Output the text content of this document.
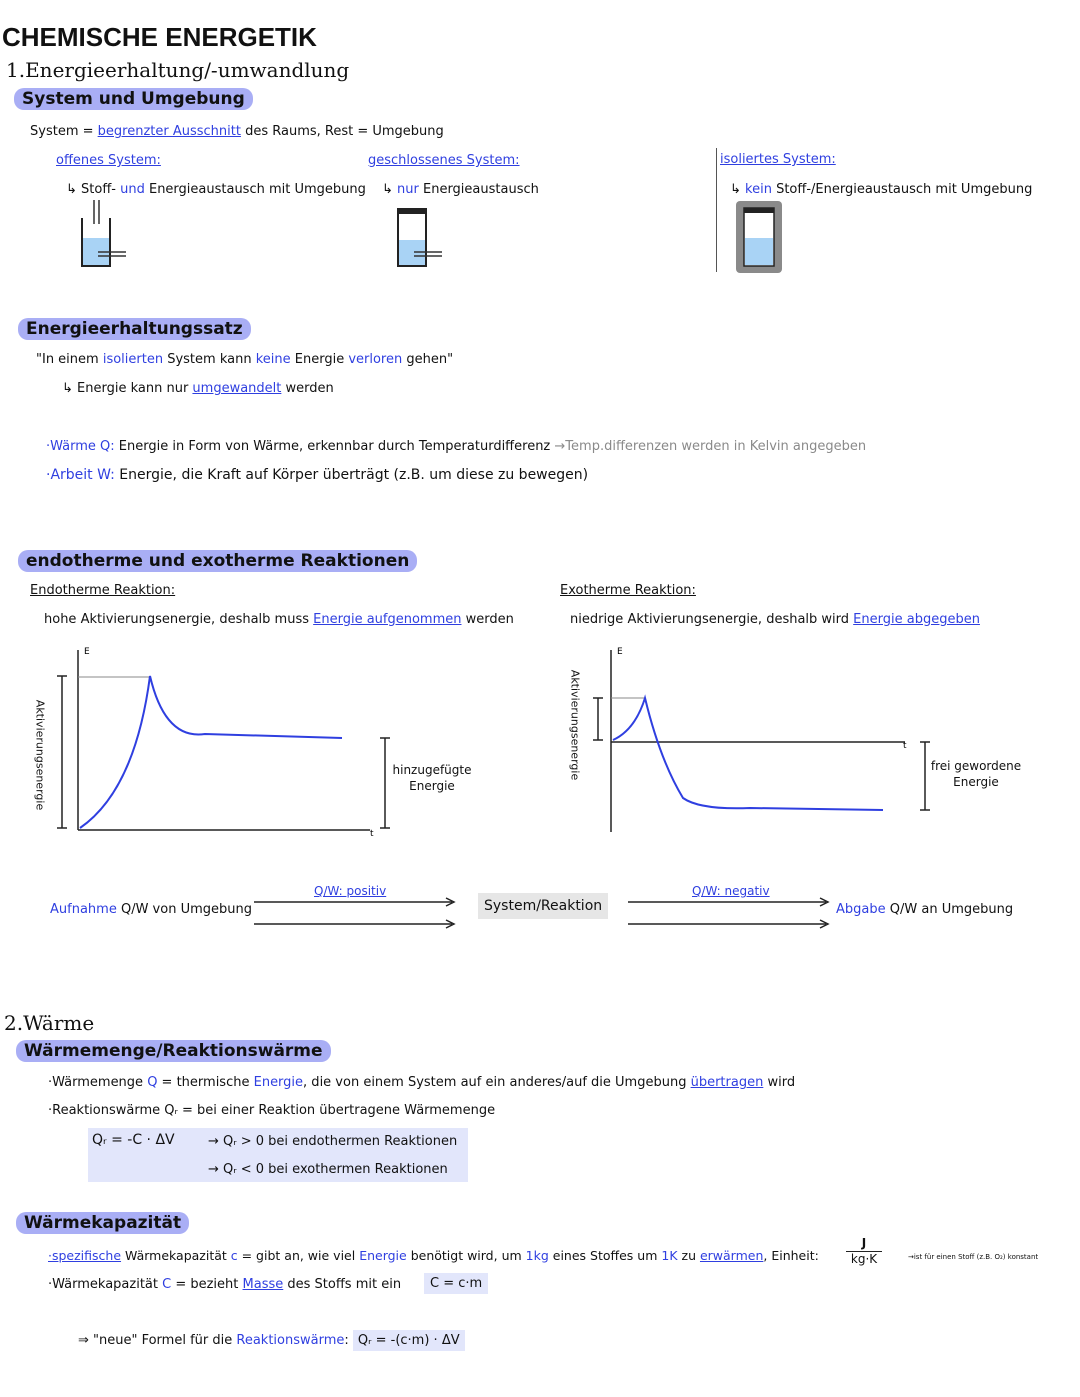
CHEMISCHE ENERGETIK
1.Energieerhaltung/-umwandlung
System und Umgebung
System = begrenzter Ausschnitt des Raums, Rest = Umgebung
offenes System:
↳ Stoff- und Energieaustausch mit Umgebung
geschlossenes System:
↳ nur Energieaustausch
isoliertes System:
↳ kein Stoff-/Energieaustausch mit Umgebung
Energieerhaltungssatz
"In einem isolierten System kann keine Energie verloren gehen"
↳ Energie kann nur umgewandelt werden
·Wärme Q: Energie in Form von Wärme, erkennbar durch Temperaturdifferenz →Temp.differenzen werden in Kelvin angegeben
·Arbeit W: Energie, die Kraft auf Körper überträgt (z.B. um diese zu bewegen)
endotherme und exotherme Reaktionen
Endotherme Reaktion:
hohe Aktivierungsenergie, deshalb muss Energie aufgenommen werden
Exotherme Reaktion:
niedrige Aktivierungsenergie, deshalb wird Energie abgegeben
E
t
Aktivierungsenergie	hinzugefügte Energie
E
t
Aktivierungsenergie	frei gewordene Energie
Aufnahme Q/W von Umgebung
Q/W: positiv
System/Reaktion
Q/W: negativ
Abgabe Q/W an Umgebung
2.Wärme
Wärmemenge/Reaktionswärme
·Wärmemenge Q = thermische Energie, die von einem System auf ein anderes/auf die Umgebung übertragen wird
·Reaktionswärme Qᵣ = bei einer Reaktion übertragene Wärmemenge
Qᵣ = -C · ΔV	→ Qᵣ > 0 bei endothermen Reaktionen
→ Qᵣ < 0 bei exothermen Reaktionen
Wärmekapazität
·spezifische Wärmekapazität c = gibt an, wie viel Energie benötigt wird, um 1kg eines Stoffes um 1K zu erwärmen, Einheit: $\frac{J}{kg\cdot K}$	→ist für einen Stoff (z.B. O₂) konstant
·Wärmekapazität C = bezieht Masse des Stoffs mit ein	C = c·m
⇒ "neue" Formel für die Reaktionswärme: Qᵣ = -(c·m) · ΔV
